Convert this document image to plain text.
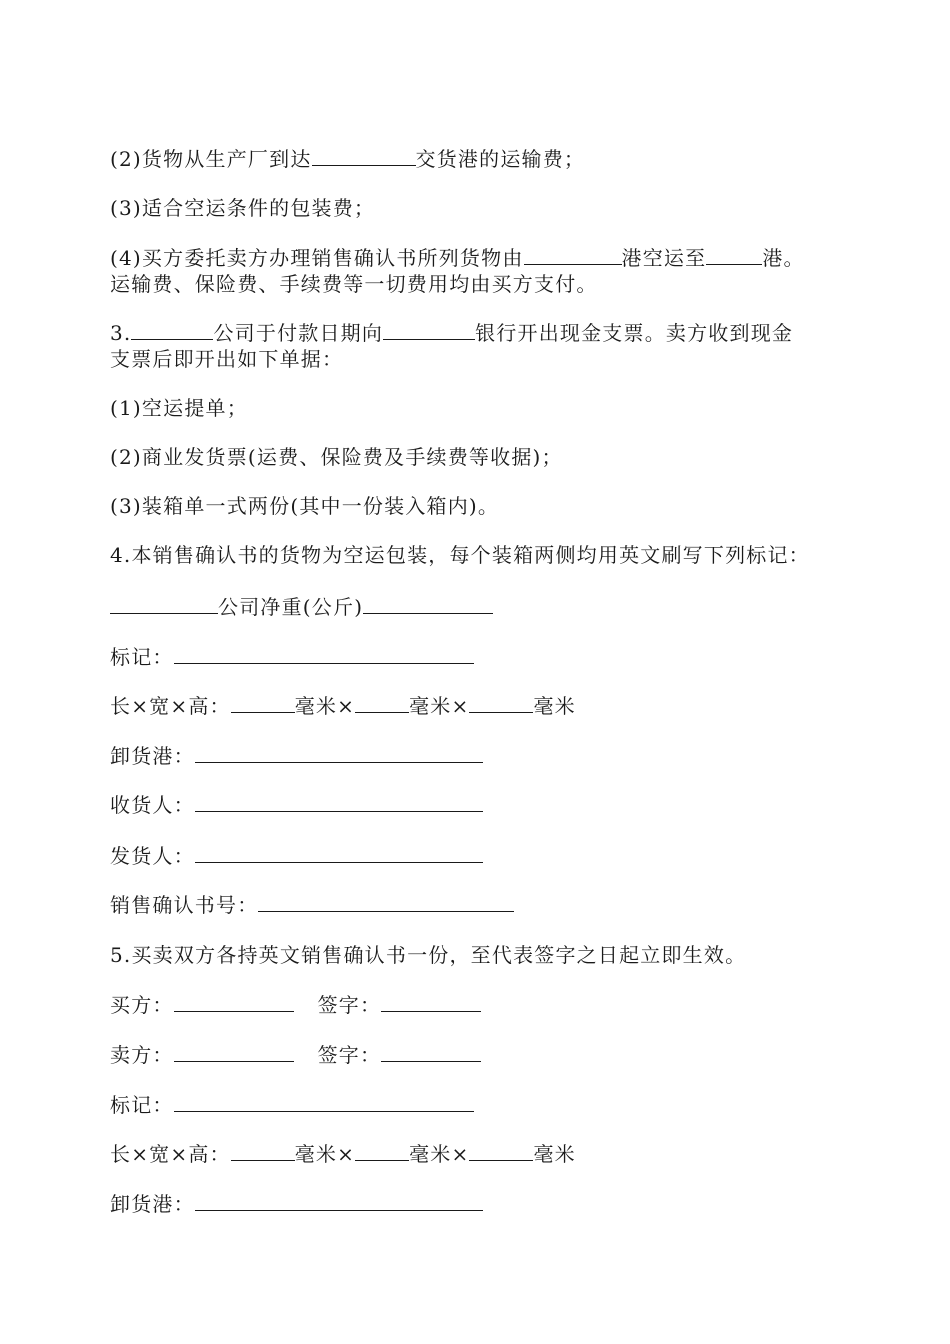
(2)货物从生产厂到达	交货港的运输费；
(3)适合空运条件的包装费；
(4)买方委托卖方办理销售确认书所列货物由	港空运至	港。
运输费、保险费、手续费等一切费用均由买方支付。
3.	公司于付款日期向	银行开出现金支票。卖方收到现金
支票后即开出如下单据：
(1)空运提单；
(2)商业发货票(运费、保险费及手续费等收据)；
(3)装箱单一式两份(其中一份装入箱内)。
4.本销售确认书的货物为空运包装，每个装箱两侧均用英文刷写下列标记：
公司净重(公斤)
标记：
长×宽×高：	毫米×	毫米×	毫米
卸货港：
收货人：
发货人：
销售确认书号：
5.买卖双方各持英文销售确认书一份，至代表签字之日起立即生效。
买方：	签字：
卖方：	签字：
标记：
长×宽×高：	毫米×	毫米×	毫米
卸货港：
